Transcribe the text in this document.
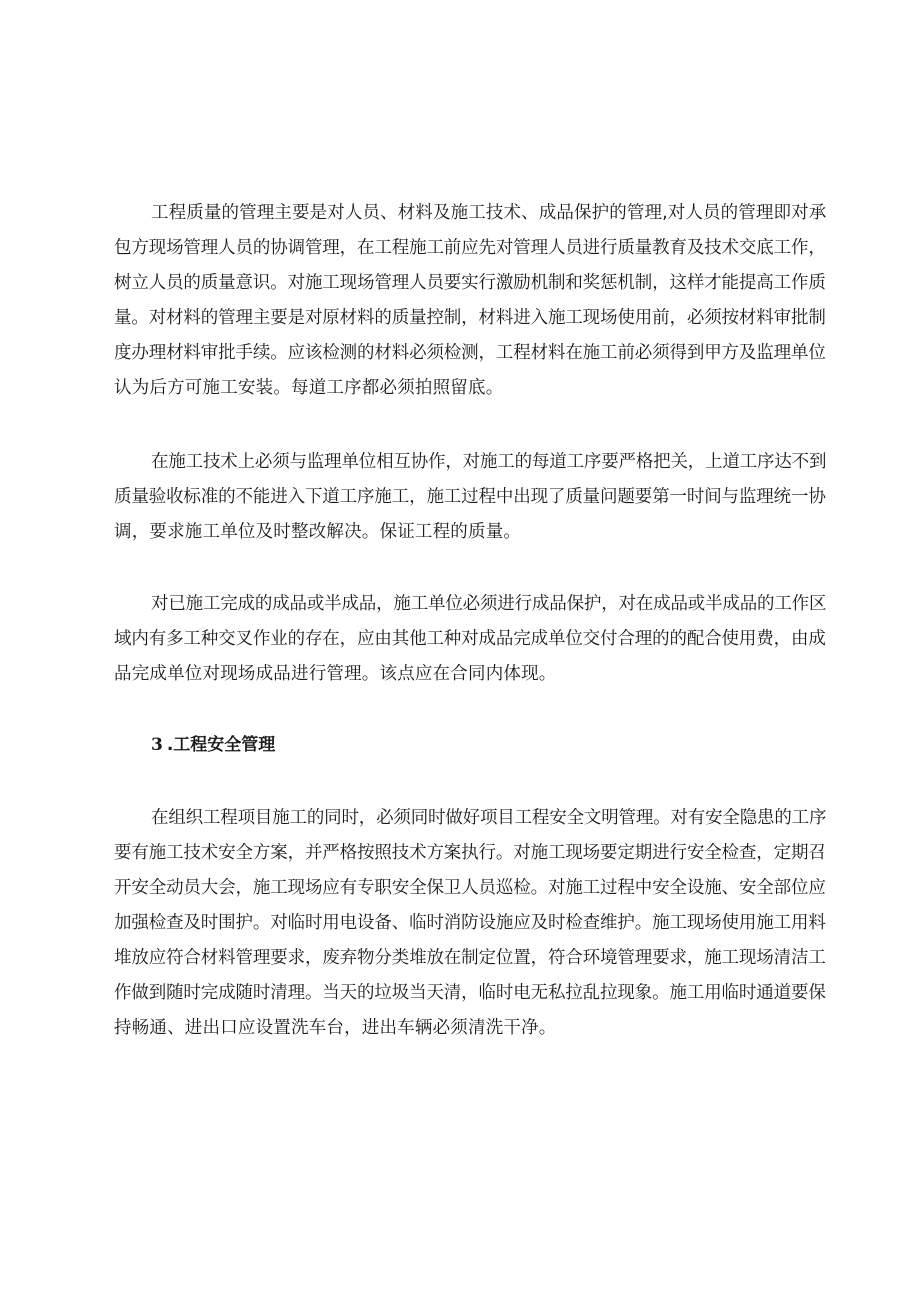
工程质量的管理主要是对人员、材料及施工技术、成品保护的管理,对人员的管理即对承
包方现场管理人员的协调管理，在工程施工前应先对管理人员进行质量教育及技术交底工作，
树立人员的质量意识。对施工现场管理人员要实行激励机制和奖惩机制，这样才能提高工作质
量。对材料的管理主要是对原材料的质量控制，材料进入施工现场使用前，必须按材料审批制
度办理材料审批手续。应该检测的材料必须检测，工程材料在施工前必须得到甲方及监理单位
认为后方可施工安装。每道工序都必须拍照留底。

在施工技术上必须与监理单位相互协作，对施工的每道工序要严格把关，上道工序达不到
质量验收标准的不能进入下道工序施工，施工过程中出现了质量问题要第一时间与监理统一协
调，要求施工单位及时整改解决。保证工程的质量。

对已施工完成的成品或半成品，施工单位必须进行成品保护，对在成品或半成品的工作区
域内有多工种交叉作业的存在，应由其他工种对成品完成单位交付合理的的配合使用费，由成
品完成单位对现场成品进行管理。该点应在合同内体现。

3 .工程安全管理

在组织工程项目施工的同时，必须同时做好项目工程安全文明管理。对有安全隐患的工序
要有施工技术安全方案，并严格按照技术方案执行。对施工现场要定期进行安全检查，定期召
开安全动员大会，施工现场应有专职安全保卫人员巡检。对施工过程中安全设施、安全部位应
加强检查及时围护。对临时用电设备、临时消防设施应及时检查维护。施工现场使用施工用料
堆放应符合材料管理要求，废弃物分类堆放在制定位置，符合环境管理要求，施工现场清洁工
作做到随时完成随时清理。当天的垃圾当天清，临时电无私拉乱拉现象。施工用临时通道要保
持畅通、进出口应设置洗车台，进出车辆必须清洗干净。
